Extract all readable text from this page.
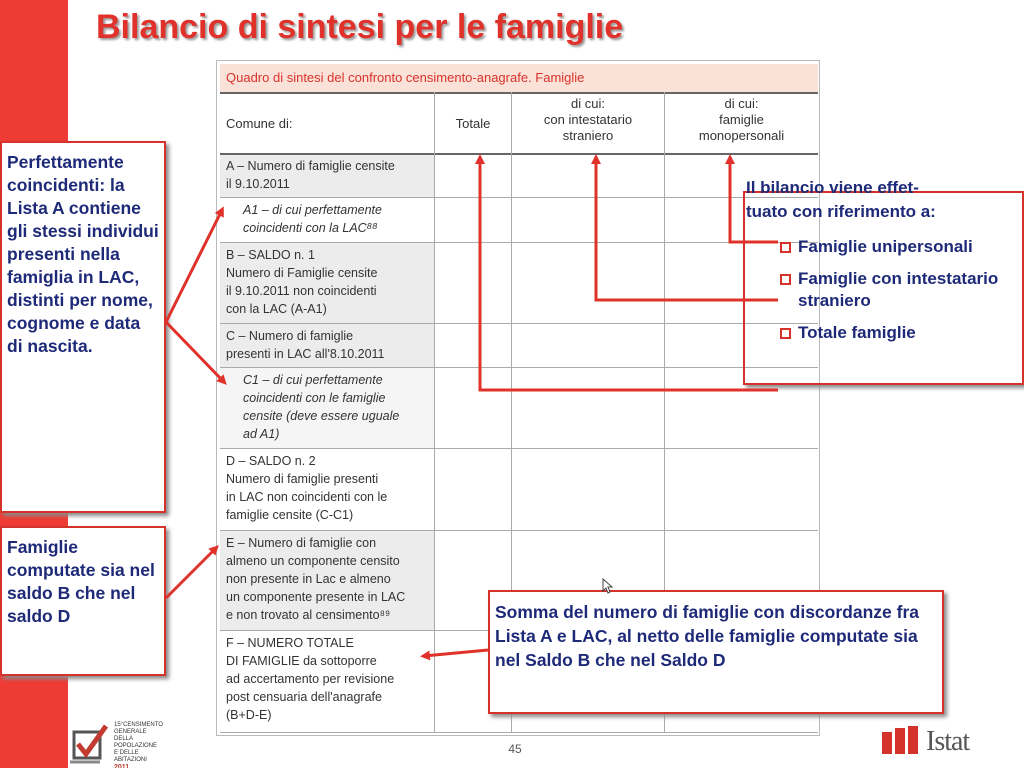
Bilancio di sintesi per le famiglie
Quadro di sintesi del confronto censimento-anagrafe. Famiglie
Comune di:	Totale
di cui:
con intestatario
straniero
di cui:
famiglie
monopersonali
A – Numero di famiglie censite
il 9.10.2011
A1 – di cui perfettamente
coincidenti con la LAC⁸⁸
B – SALDO n. 1
Numero di Famiglie censite
il 9.10.2011 non coincidenti
con la LAC (A-A1)
C – Numero di famiglie
presenti in LAC all'8.10.2011
C1 – di cui perfettamente
coincidenti con le famiglie
censite (deve essere uguale
ad A1)
D – SALDO n. 2
Numero di famiglie presenti
in LAC non coincidenti con le
famiglie censite (C-C1)
E – Numero di famiglie con
almeno un componente censito
non presente in Lac e almeno
un componente presente in LAC
e non trovato al censimento⁸⁹
F – NUMERO TOTALE
DI FAMIGLIE da sottoporre
ad accertamento per revisione
post censuaria dell'anagrafe
(B+D-E)
Perfettamente coincidenti: la Lista A contiene gli stessi individui presenti nella famiglia in LAC, distinti per nome, cognome e data di nascita.
Famiglie computate sia nel saldo B che nel saldo D
Il bilancio viene effet-
tuato con riferimento a:
Famiglie unipersonali
Famiglie con intestatario straniero
Totale famiglie
Somma del numero di famiglie con discordanze fra Lista A e LAC, al netto delle famiglie computate sia nel Saldo B che nel Saldo D
45
15°CENSIMENTO GENERALE
DELLA POPOLAZIONE
E DELLE ABITAZIONI
2011
Istat
